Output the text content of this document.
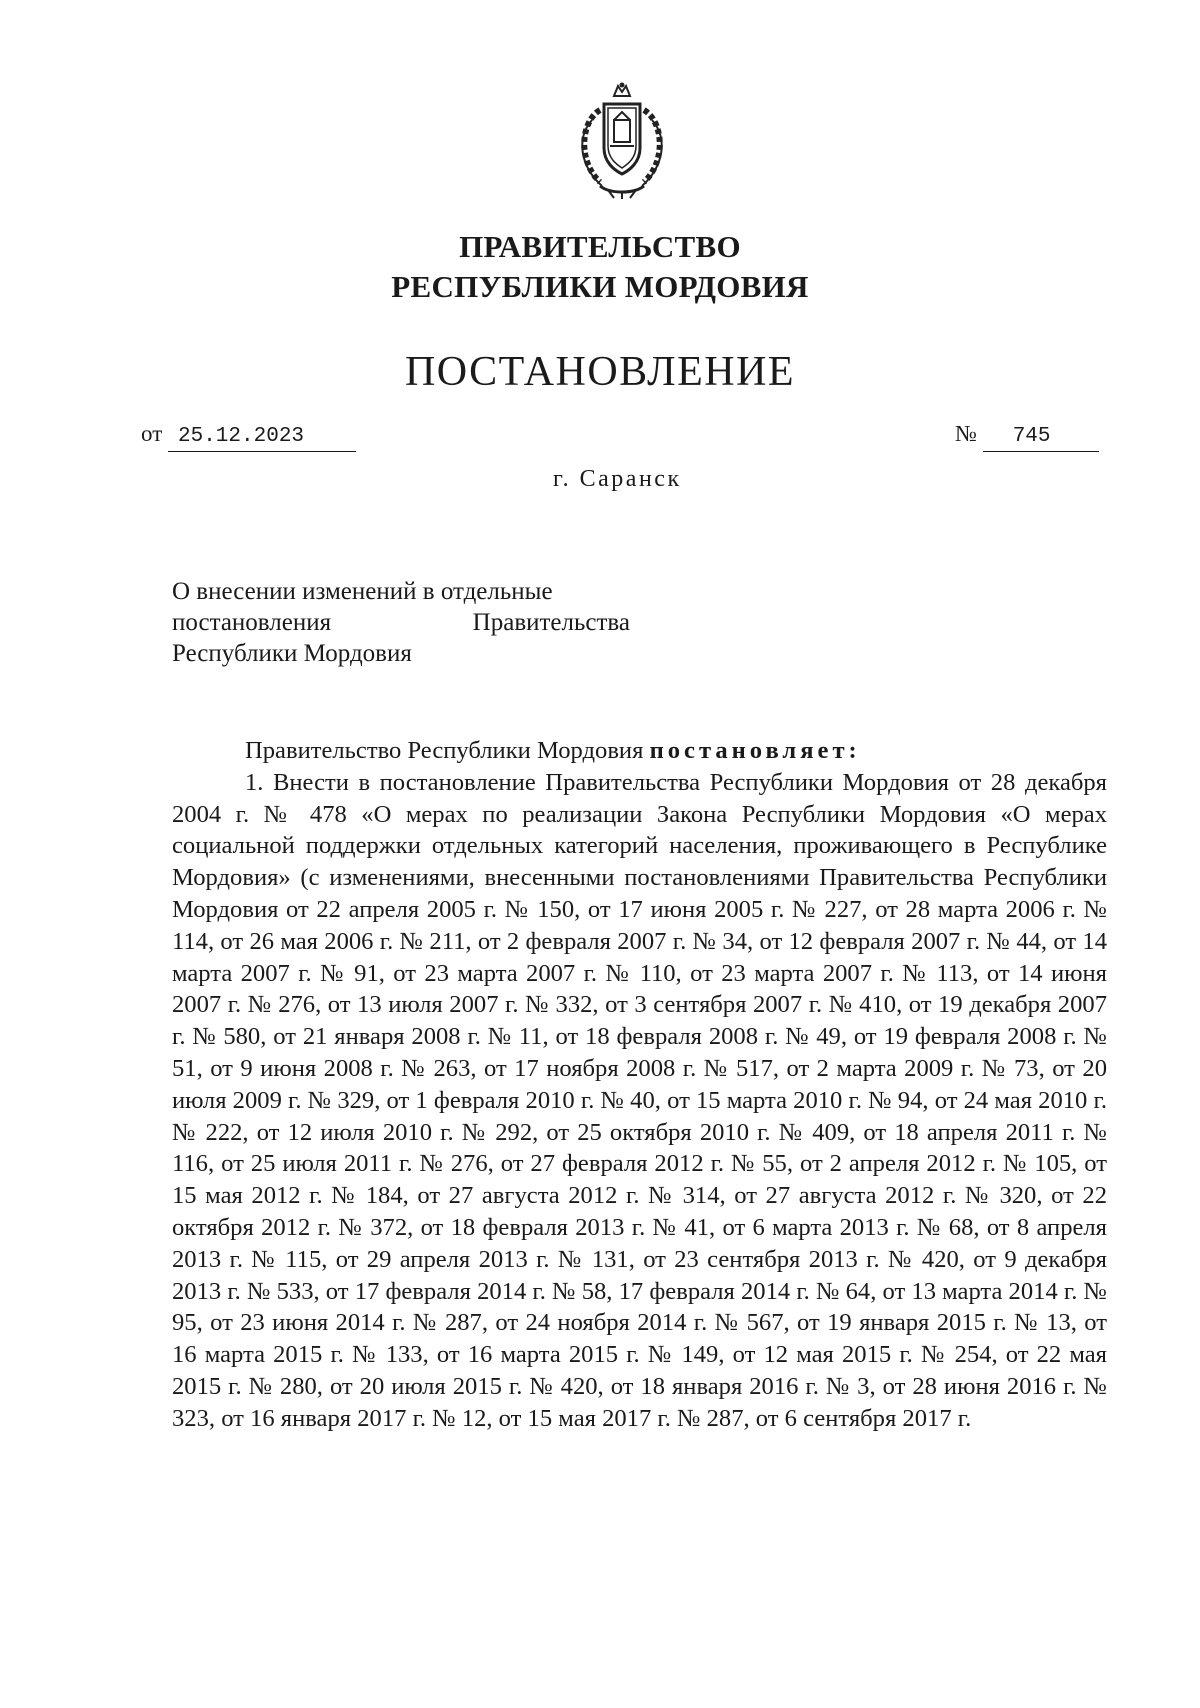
ПРАВИТЕЛЬСТВО
РЕСПУБЛИКИ МОРДОВИЯ
ПОСТАНОВЛЕНИЕ
от 25.12.2023	№ 745
г. Саранск
О внесении изменений в отдельные
постановления Правительства
Республики Мордовия

Правительство Республики Мордовия постановляет:

1. Внести в постановление Правительства Республики Мордовия от 28 декабря 2004 г. № 478 «О мерах по реализации Закона Республики Мордовия «О мерах социальной поддержки отдельных категорий населения, проживающего в Республике Мордовия» (с изменениями, внесенными постановлениями Правительства Республики Мордовия от 22 апреля 2005 г. № 150, от 17 июня 2005 г. № 227, от 28 марта 2006 г. № 114, от 26 мая 2006 г. № 211, от 2 февраля 2007 г. № 34, от 12 февраля 2007 г. № 44, от 14 марта 2007 г. № 91, от 23 марта 2007 г. № 110, от 23 марта 2007 г. № 113, от 14 июня 2007 г. № 276, от 13 июля 2007 г. № 332, от 3 сентября 2007 г. № 410, от 19 декабря 2007 г. № 580, от 21 января 2008 г. № 11, от 18 февраля 2008 г. № 49, от 19 февраля 2008 г. № 51, от 9 июня 2008 г. № 263, от 17 ноября 2008 г. № 517, от 2 марта 2009 г. № 73, от 20 июля 2009 г. № 329, от 1 февраля 2010 г. № 40, от 15 марта 2010 г. № 94, от 24 мая 2010 г. № 222, от 12 июля 2010 г. № 292, от 25 октября 2010 г. № 409, от 18 апреля 2011 г. № 116, от 25 июля 2011 г. № 276, от 27 февраля 2012 г. № 55, от 2 апреля 2012 г. № 105, от 15 мая 2012 г. № 184, от 27 августа 2012 г. № 314, от 27 августа 2012 г. № 320, от 22 октября 2012 г. № 372, от 18 февраля 2013 г. № 41, от 6 марта 2013 г. № 68, от 8 апреля 2013 г. № 115, от 29 апреля 2013 г. № 131, от 23 сентября 2013 г. № 420, от 9 декабря 2013 г. № 533, от 17 февраля 2014 г. № 58, 17 февраля 2014 г. № 64, от 13 марта 2014 г. № 95, от 23 июня 2014 г. № 287, от 24 ноября 2014 г. № 567, от 19 января 2015 г. № 13, от 16 марта 2015 г. № 133, от 16 марта 2015 г. № 149, от 12 мая 2015 г. № 254, от 22 мая 2015 г. № 280, от 20 июля 2015 г. № 420, от 18 января 2016 г. № 3, от 28 июня 2016 г. № 323, от 16 января 2017 г. № 12, от 15 мая 2017 г. № 287, от 6 сентября 2017 г.
